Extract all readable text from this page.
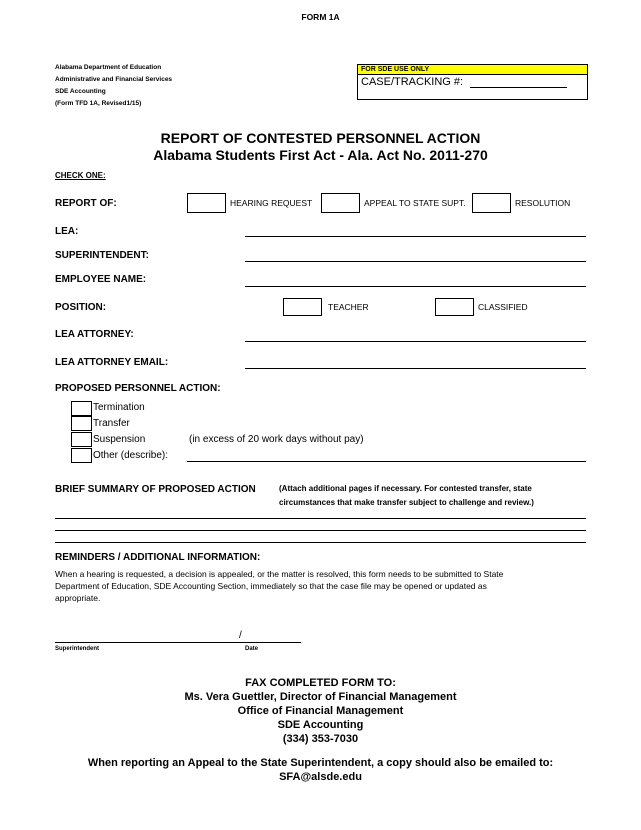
FORM 1A
Alabama Department of Education
Administrative and Financial Services
SDE Accounting
(Form TFD 1A, Revised1/15)
FOR SDE USE ONLY
CASE/TRACKING #:
REPORT OF CONTESTED PERSONNEL ACTION
Alabama Students First Act - Ala. Act No. 2011-270
CHECK ONE:
REPORT OF:	HEARING REQUEST	APPEAL TO STATE SUPT.	RESOLUTION
LEA:
SUPERINTENDENT:
EMPLOYEE NAME:
POSITION:	TEACHER	CLASSIFIED
LEA ATTORNEY:
LEA ATTORNEY EMAIL:
PROPOSED PERSONNEL ACTION:
Termination
Transfer
Suspension	(in excess of 20 work days without pay)
Other (describe):
BRIEF SUMMARY OF PROPOSED ACTION	(Attach additional pages if necessary. For contested transfer, state
circumstances that make transfer subject to challenge and review.)
REMINDERS / ADDITIONAL INFORMATION:
When a hearing is requested, a decision is appealed, or the matter is resolved, this form needs to be submitted to State
Department of Education, SDE Accounting Section, immediately so that the case file may be opened or updated as
appropriate.
/
Superintendent	Date
FAX COMPLETED FORM TO:
Ms. Vera Guettler, Director of Financial Management
Office of Financial Management
SDE Accounting
(334) 353-7030
When reporting an Appeal to the State Superintendent, a copy should also be emailed to:
SFA@alsde.edu
